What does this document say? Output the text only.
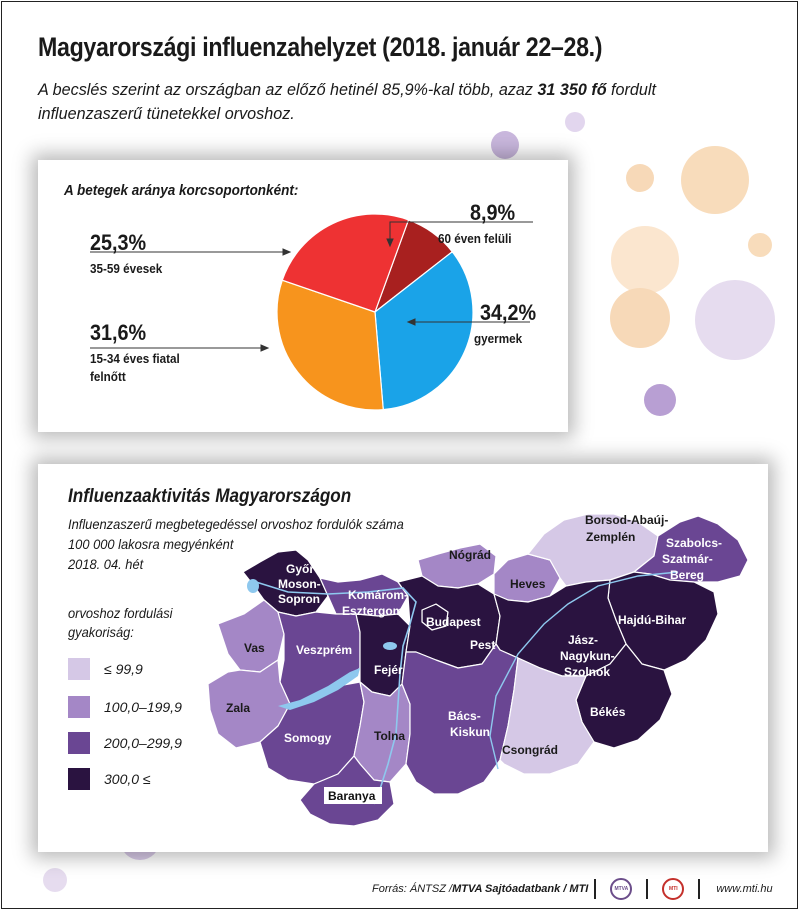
Magyarországi influenzahelyzet (2018. január 22–28.)
A becslés szerint az országban az előző hetinél 85,9%-kal több, azaz 31 350 fő fordult influenzaszerű tünetekkel orvoshoz.
A betegek aránya korcsoportonként:
8,9%
60 éven felüli
34,2%
gyermek
31,6%
15-34 éves fiatal felnőtt
25,3%
35-59 évesek
Influenzaaktivitás Magyarországon
Influenzaszerű megbetegedéssel orvoshoz fordulók száma
100 000 lakosra megyénként
2018. 04. hét
Borsod-Abaúj-
Zemplén	Szabolcs-
Szatmár-
Bereg
Nógrád
Heves
Győr-
Moson-
Sopron Komárom-
Esztergom
Budapest
Pest	Jász-
Nagykun-
Szolnok
Hajdú-Bihar
Vas	Veszprém
Fejér
Zala
Somogy	Tolna
Bács-
Kiskun
Békés
Csongrád
Baranya
orvoshoz fordulási
gyakoriság:
≤ 99,9
100,0–199,9
200,0–299,9
300,0 ≤
Forrás: ÁNTSZ / MTVA Sajtóadatbank / MTI	MTVA	MTI	www.mti.hu
